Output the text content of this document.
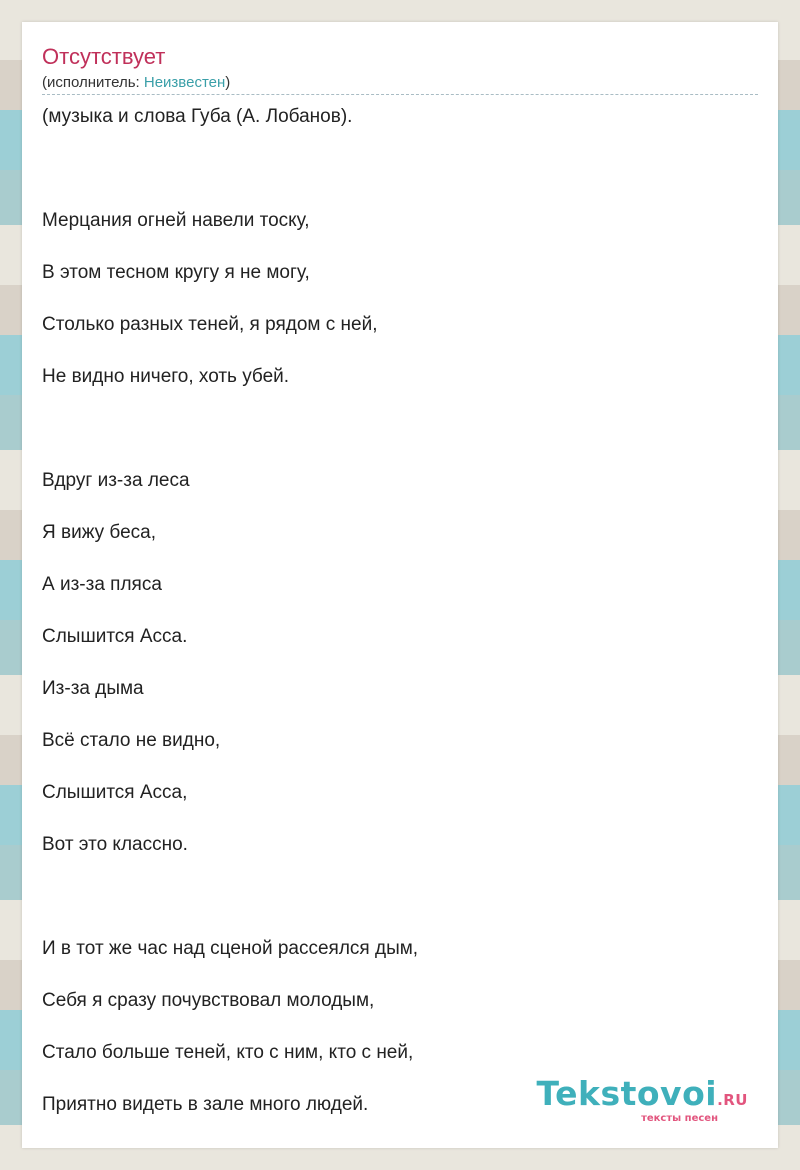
Отсутствует
(исполнитель: Неизвестен)
(музыка и слова Губа (А. Лобанов).
Мерцания огней навели тоску,
В этом тесном кругу я не могу,
Столько разных теней, я рядом с ней,
Не видно ничего, хоть убей.
Вдруг из-за леса
Я вижу беса,
А из-за пляса
Слышится Асса.
Из-за дыма
Всё стало не видно,
Слышится Асса,
Вот это классно.
И в тот же час над сценой рассеялся дым,
Себя я сразу почувствовал молодым,
Стало больше теней, кто с ним, кто с ней,
Приятно видеть в зале много людей.	Tekstovoi.RU
тексты песен
